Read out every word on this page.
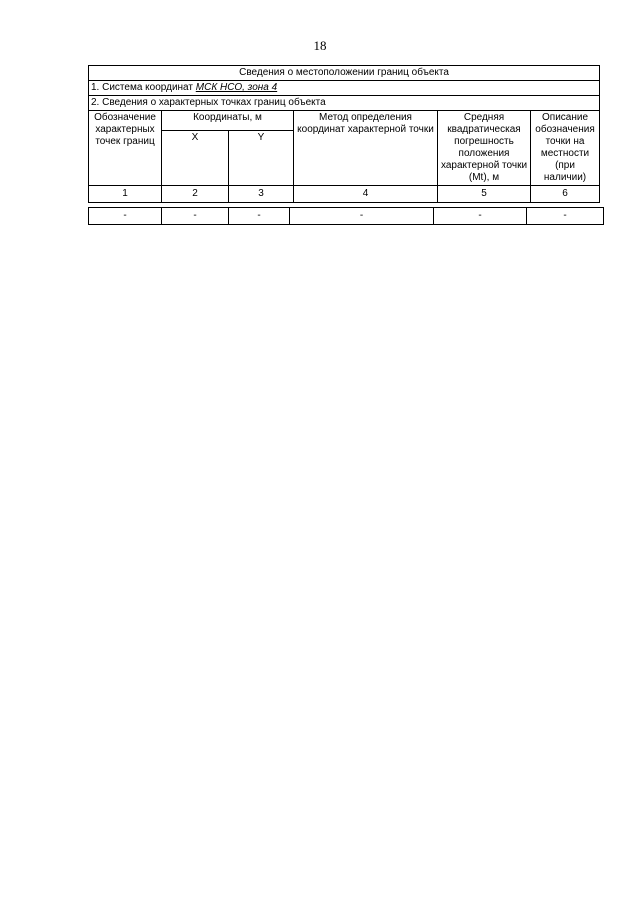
18
Сведения о местоположении границ объекта					
1. Система координат МСК НСО, зона 4					
2. Сведения о характерных точках границ объекта					
Обозначение характерных точек границ	Координаты, м		Метод определения координат характерной точки	Средняя квадратическая погрешность положения характерной точки (Mt), м	Описание обозначения точки на местности (при наличии)
	X	Y			
1	2	3	4	5	6
-	-	-	-	-	-
